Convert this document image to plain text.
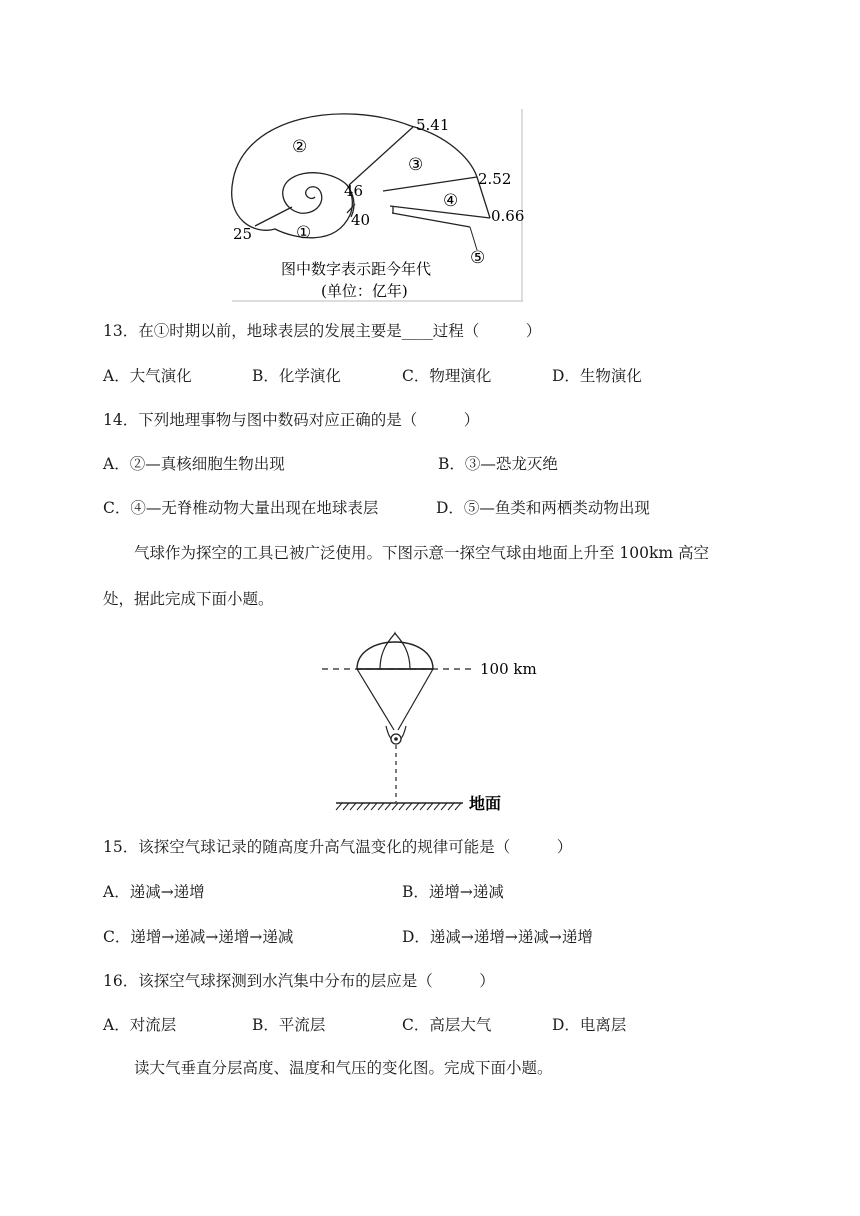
5.41
2.52
0.66
46
40
25	①
②
③
④
⑤
图中数字表示距今年代
(单位：亿年)
13．在①时期以前，地球表层的发展主要是____过程（　　　）
A．大气演化	B．化学演化	C．物理演化	D．生物演化
14．下列地理事物与图中数码对应正确的是（　　　）
A．②—真核细胞生物出现	B．③—恐龙灭绝
C．④—无脊椎动物大量出现在地球表层	D．⑤—鱼类和两栖类动物出现
气球作为探空的工具已被广泛使用。下图示意一探空气球由地面上升至 100km 高空
处，据此完成下面小题。
100 km
地面
15．该探空气球记录的随高度升高气温变化的规律可能是（　　　）
A．递减→递增	B．递增→递减
C．递增→递减→递增→递减	D．递减→递增→递减→递增
16．该探空气球探测到水汽集中分布的层应是（　　　）
A．对流层	B．平流层	C．高层大气	D．电离层
读大气垂直分层高度、温度和气压的变化图。完成下面小题。
